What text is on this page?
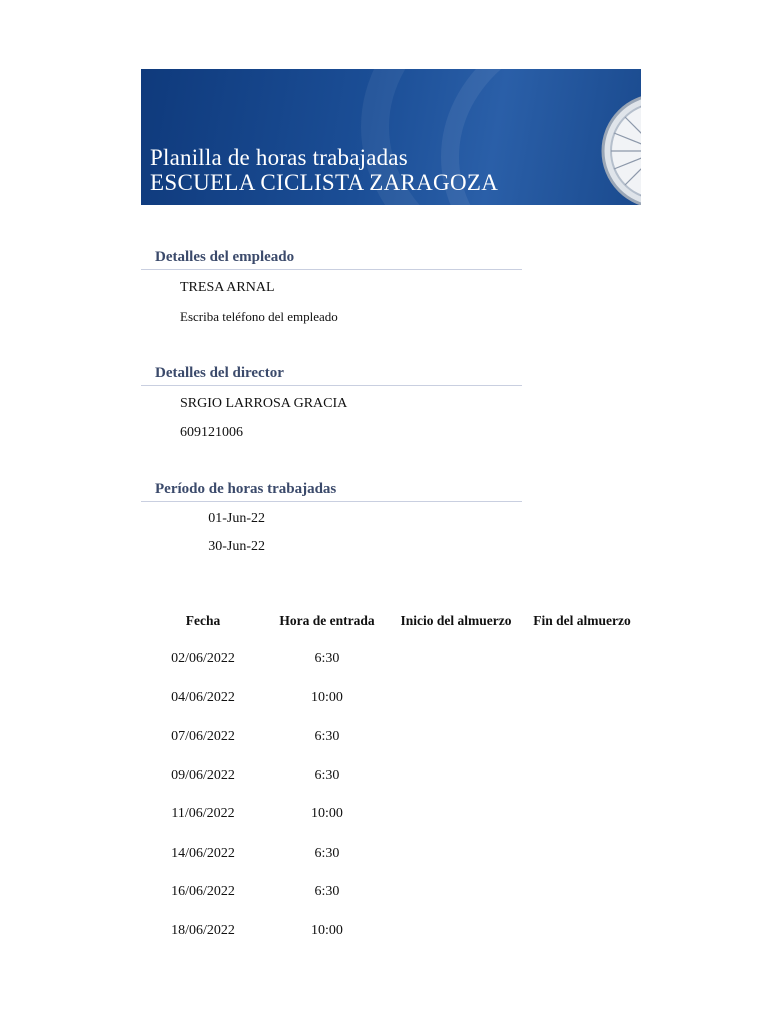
Planilla de horas trabajadas
ESCUELA CICLISTA ZARAGOZA
Detalles del empleado
TRESA ARNAL
Escriba teléfono del empleado
Detalles del director
SRGIO LARROSA GRACIA
609121006
Período de horas trabajadas
01-Jun-22
30-Jun-22
Fecha	Hora de entrada	Inicio del almuerzo	Fin del almuerzo
02/06/2022	6:30
04/06/2022	10:00
07/06/2022	6:30
09/06/2022	6:30
11/06/2022	10:00
14/06/2022	6:30
16/06/2022	6:30
18/06/2022	10:00
